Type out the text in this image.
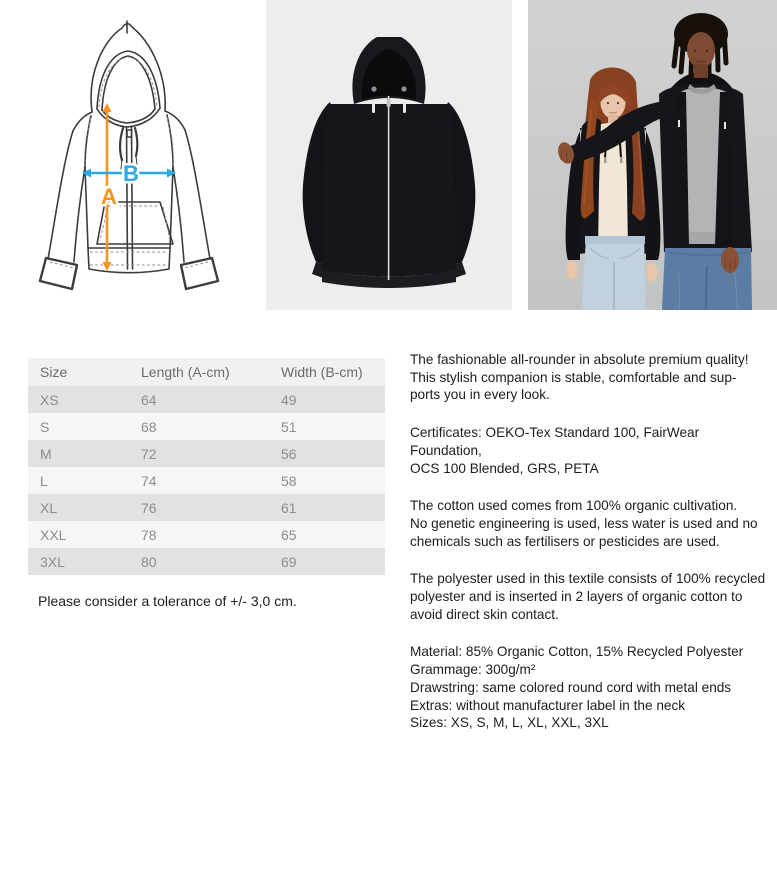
A
B
Size	Length (A-cm)	Width (B-cm)
XS	64	49
S	68	51
M	72	56
L	74	58
XL	76	61
XXL	78	65
3XL	80	69

Please consider a tolerance of +/- 3,0 cm.

The fashionable all-rounder in absolute premium quality!
This stylish companion is stable, comfortable and sup-
ports you in every look.

Certificates: OEKO-Tex Standard 100, FairWear Foundation,
OCS 100 Blended, GRS, PETA

The cotton used comes from 100% organic cultivation.
No genetic engineering is used, less water is used and no
chemicals such as fertilisers or pesticides are used.

The polyester used in this textile consists of 100% recycled
polyester and is inserted in 2 layers of organic cotton to
avoid direct skin contact.

Material: 85% Organic Cotton, 15% Recycled Polyester
Grammage: 300g/m²
Drawstring: same colored round cord with metal ends
Extras: without manufacturer label in the neck
Sizes: XS, S, M, L, XL, XXL, 3XL
